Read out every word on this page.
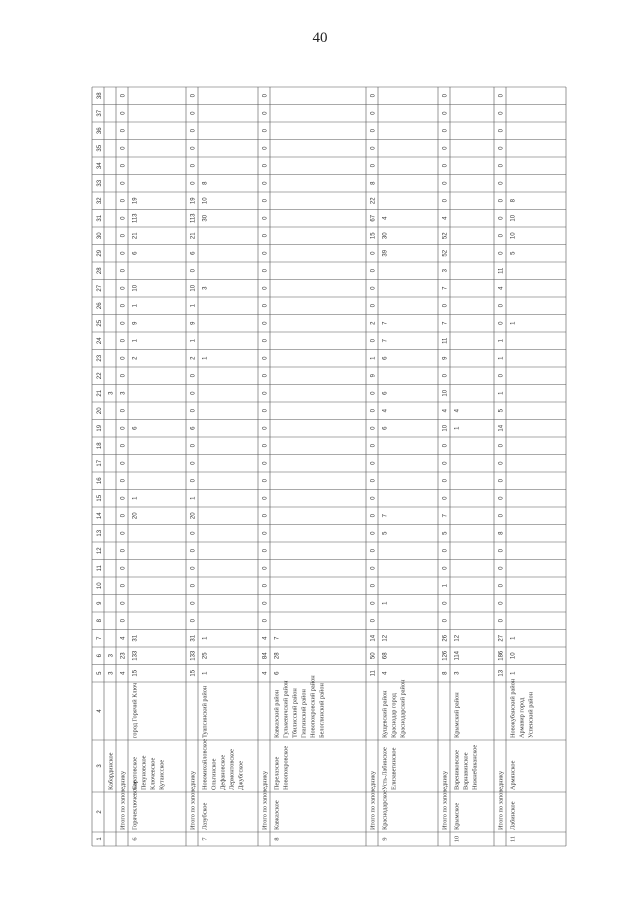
40
1
2
3
4
5
6
7
8
9
10
11
12
13
14
15
16
17
18
19
20
21
22
23
24
25
26
27
28
29
30
31
32
33
34
35
36
37
38
Кабардинское
3
3
3
Итого по заповеднику
4
23
4
0
0
0
0
0
0
0
0
0
0
0
0
0
3
0
0
0
0
0
0
0
0
0
0
0
0
0
0
0
0
0
6
Горячеключевское
Саратовское Пекуновское Ключевское Кутаисское
город Горячий Ключ
15
133
31
20
1
6
2
1
9
1
10
6
21
113
19
Итого по заповеднику
15
133
31
0
0
0
0
0
0
20
1
0
0
0
6
0
0
0
2
1
9
1
10
0
6
21
113
19
0
0
0
0
0
0
7
Лазубское
Новомихайловское Ольгинское Дефановское Лермонтовское Джубгское
Туапсинский район
1
25
1
1
3
30
10
8
Итого по заповеднику
4
84
4
0
0
0
0
0
0
0
0
0
0
0
0
0
0
0
0
0
0
0
0
0
0
0
0
0
0
0
0
0
0
0
8
Кавказское
Перелазское Новопокровское
Кавказский район Гулькевичский район Тбилисский район Гиагинский район Новопокровский район Белоглинский район
6
28
7
Итого по заповеднику
11
50
14
0
0
0
0
0
0
0
0
0
0
0
0
0
0
9
1
0
2
0
0
0
0
15
67
22
8
0
0
0
0
0
9
Краснодарское
Усть-Лабинское Елизаветинское
Кущевский район Краснодар город Краснодарский район
4
68
12
1
5
7
6
4
6
6
7
7
39
30
4
Итого по заповеднику
8
126
26
0
0
1
0
0
5
7
0
0
0
0
10
4
10
0
9
11
7
0
7
3
52
52
4
0
0
0
0
0
0
0
10
Крымское
Варениковское Варнавинское Нижнебаканское
Крымский район
3
114
12
1
4
Итого по заповеднику
13
186
27
0
0
0
0
0
8
0
0
0
0
0
14
5
1
0
1
1
0
0
4
11
0
0
0
0
0
0
0
0
0
0
11
Лабинское
Армянское
Новокубанский район Армавир город Успенский район
1
10
1
1
5
10
10
8
